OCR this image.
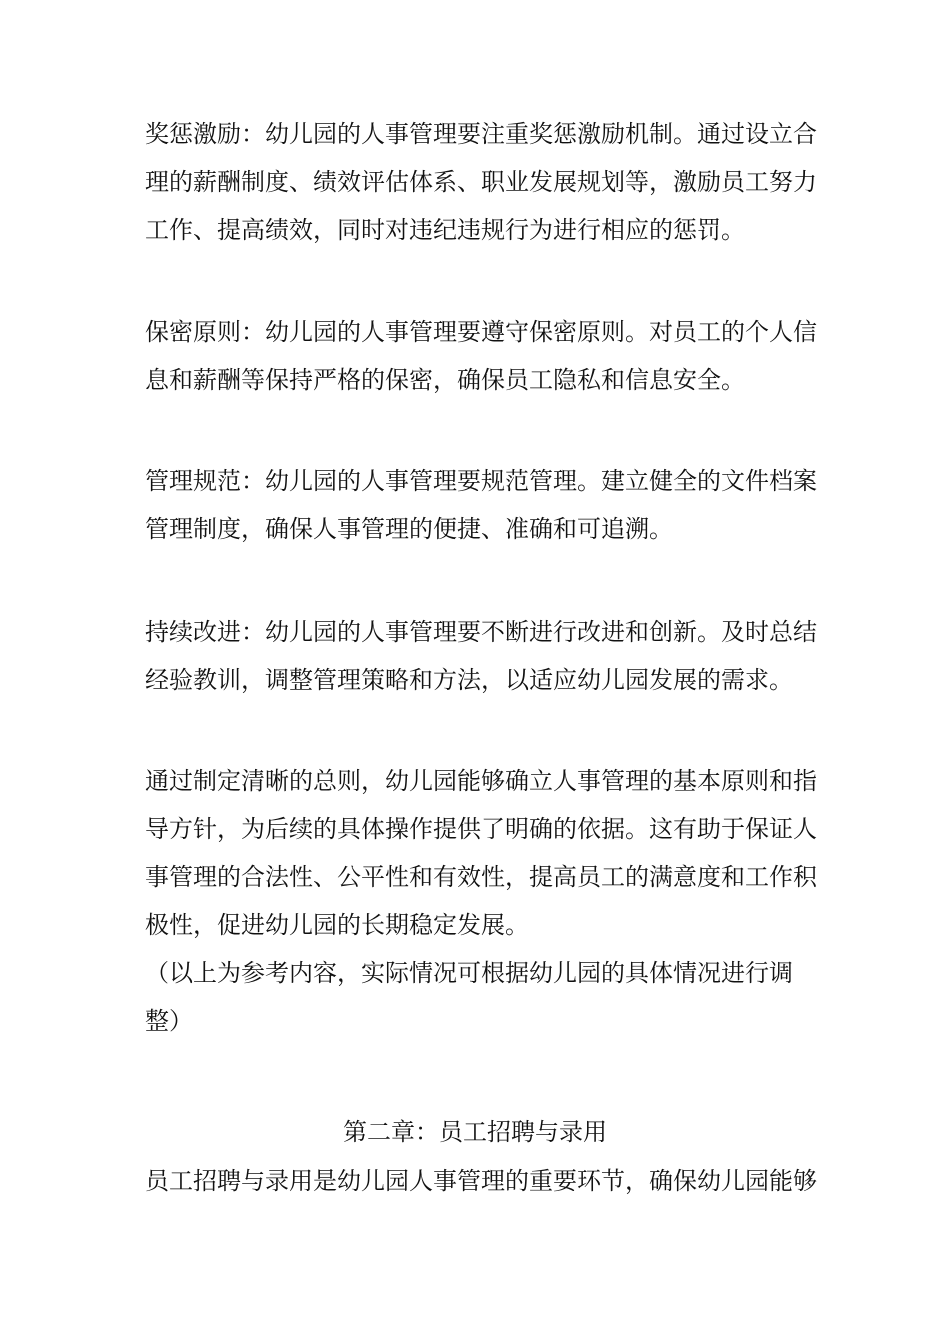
奖惩激励：幼儿园的人事管理要注重奖惩激励机制。通过设立合
理的薪酬制度、绩效评估体系、职业发展规划等，激励员工努力
工作、提高绩效，同时对违纪违规行为进行相应的惩罚。
保密原则：幼儿园的人事管理要遵守保密原则。对员工的个人信
息和薪酬等保持严格的保密，确保员工隐私和信息安全。
管理规范：幼儿园的人事管理要规范管理。建立健全的文件档案
管理制度，确保人事管理的便捷、准确和可追溯。
持续改进：幼儿园的人事管理要不断进行改进和创新。及时总结
经验教训，调整管理策略和方法，以适应幼儿园发展的需求。
通过制定清晰的总则，幼儿园能够确立人事管理的基本原则和指
导方针，为后续的具体操作提供了明确的依据。这有助于保证人
事管理的合法性、公平性和有效性，提高员工的满意度和工作积
极性，促进幼儿园的长期稳定发展。
（以上为参考内容，实际情况可根据幼儿园的具体情况进行调
整）
第二章：员工招聘与录用
员工招聘与录用是幼儿园人事管理的重要环节，确保幼儿园能够
